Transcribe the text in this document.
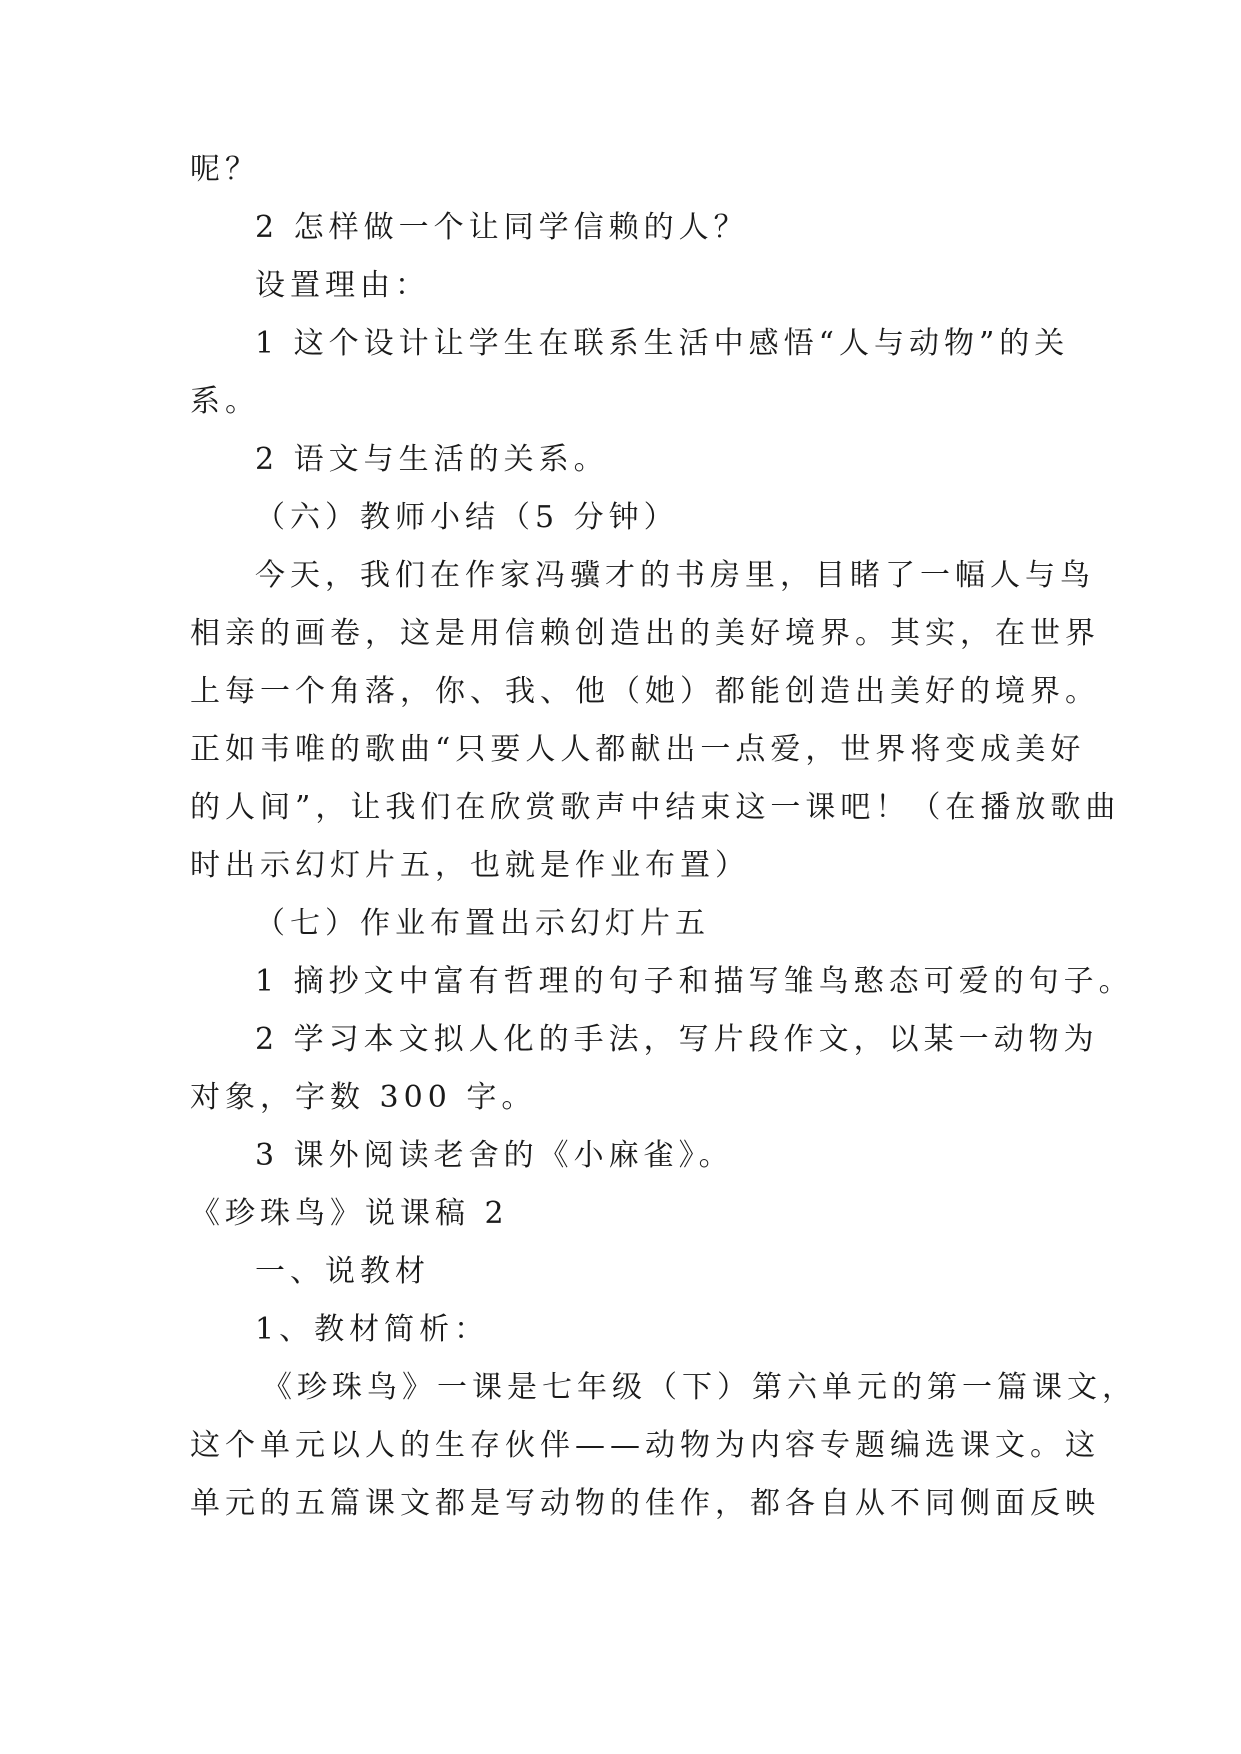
呢？
2 怎样做一个让同学信赖的人？
设置理由：
1 这个设计让学生在联系生活中感悟“人与动物”的关
系。
2 语文与生活的关系。
（六）教师小结（5 分钟）
今天，我们在作家冯骥才的书房里，目睹了一幅人与鸟
相亲的画卷，这是用信赖创造出的美好境界。其实，在世界
上每一个角落，你、我、他（她）都能创造出美好的境界。
正如韦唯的歌曲“只要人人都献出一点爱，世界将变成美好
的人间”，让我们在欣赏歌声中结束这一课吧！（在播放歌曲
时出示幻灯片五，也就是作业布置）
（七）作业布置出示幻灯片五
1 摘抄文中富有哲理的句子和描写雏鸟憨态可爱的句子。
2 学习本文拟人化的手法，写片段作文，以某一动物为
对象，字数 300 字。
3 课外阅读老舍的《小麻雀》。
《珍珠鸟》说课稿 2
一、说教材
1、教材简析：
《珍珠鸟》一课是七年级（下）第六单元的第一篇课文，
这个单元以人的生存伙伴——动物为内容专题编选课文。这
单元的五篇课文都是写动物的佳作，都各自从不同侧面反映
